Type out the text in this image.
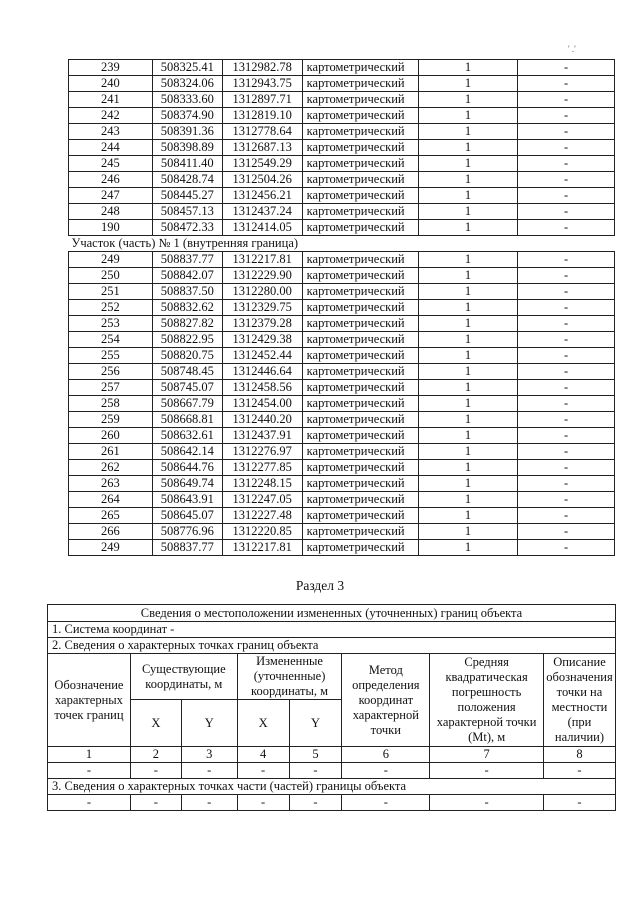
' .'
239	508325.41	1312982.78	картометрический	1	-
240	508324.06	1312943.75	картометрический	1	-
241	508333.60	1312897.71	картометрический	1	-
242	508374.90	1312819.10	картометрический	1	-
243	508391.36	1312778.64	картометрический	1	-
244	508398.89	1312687.13	картометрический	1	-
245	508411.40	1312549.29	картометрический	1	-
246	508428.74	1312504.26	картометрический	1	-
247	508445.27	1312456.21	картометрический	1	-
248	508457.13	1312437.24	картометрический	1	-
190	508472.33	1312414.05	картометрический	1	-
Участок (часть) № 1 (внутренняя граница)					
249	508837.77	1312217.81	картометрический	1	-
250	508842.07	1312229.90	картометрический	1	-
251	508837.50	1312280.00	картометрический	1	-
252	508832.62	1312329.75	картометрический	1	-
253	508827.82	1312379.28	картометрический	1	-
254	508822.95	1312429.38	картометрический	1	-
255	508820.75	1312452.44	картометрический	1	-
256	508748.45	1312446.64	картометрический	1	-
257	508745.07	1312458.56	картометрический	1	-
258	508667.79	1312454.00	картометрический	1	-
259	508668.81	1312440.20	картометрический	1	-
260	508632.61	1312437.91	картометрический	1	-
261	508642.14	1312276.97	картометрический	1	-
262	508644.76	1312277.85	картометрический	1	-
263	508649.74	1312248.15	картометрический	1	-
264	508643.91	1312247.05	картометрический	1	-
265	508645.07	1312227.48	картометрический	1	-
266	508776.96	1312220.85	картометрический	1	-
249	508837.77	1312217.81	картометрический	1	-
Раздел 3
Сведения о местоположении измененных (уточненных) границ объекта							
1. Система координат -							
2. Сведения о характерных точках границ объекта							
Обозначение характерных точек границ	Существующие координаты, м		Измененные (уточненные) координаты, м		Метод определения координат характерной точки	Средняя квадратическая погрешность положения характерной точки (Mt), м	Описание обозначения точки на местности (при наличии)
	X	Y	X	Y			
1	2	3	4	5	6	7	8
-	-	-	-	-	-	-	-
3. Сведения о характерных точках части (частей) границы объекта							
-	-	-	-	-	-	-	-
